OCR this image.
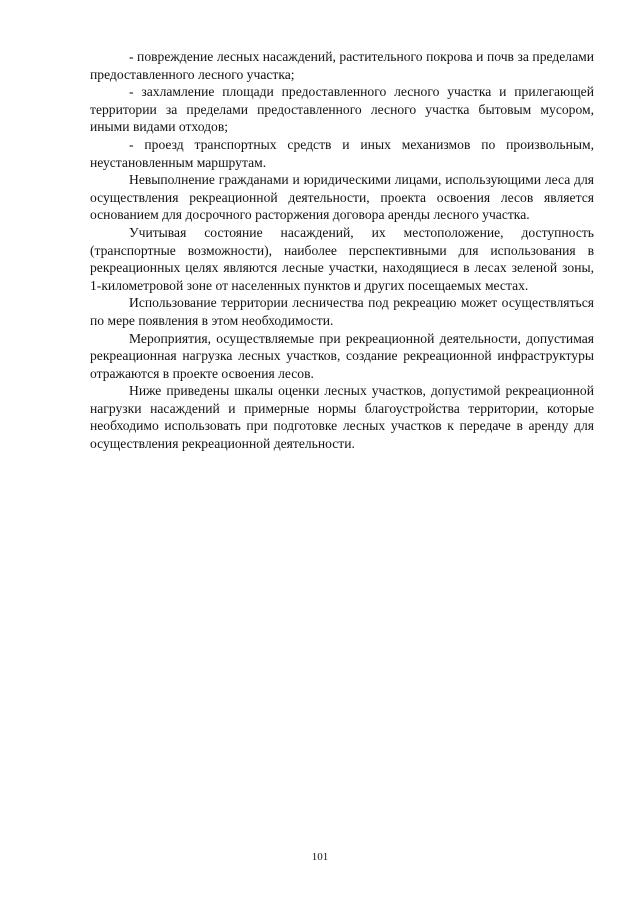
- повреждение лесных насаждений, растительного покрова и почв за пределами предоставленного лесного участка;

- захламление площади предоставленного лесного участка и прилегающей территории за пределами предоставленного лесного участка бытовым мусором, иными видами отходов;

- проезд транспортных средств и иных механизмов по произвольным, неустановленным маршрутам.

Невыполнение гражданами и юридическими лицами, использующими леса для осуществления рекреационной деятельности, проекта освоения лесов является основанием для досрочного расторжения договора аренды лесного участка.

Учитывая состояние насаждений, их местоположение, доступность (транспортные возможности), наиболее перспективными для использования в рекреационных целях являются лесные участки, находящиеся в лесах зеленой зоны, 1-километровой зоне от населенных пунктов и других посещаемых местах.

Использование территории лесничества под рекреацию может осуществляться по мере появления в этом необходимости.

Мероприятия, осуществляемые при рекреационной деятельности, допустимая рекреационная нагрузка лесных участков, создание рекреационной инфраструктуры отражаются в проекте освоения лесов.

Ниже приведены шкалы оценки лесных участков, допустимой рекреационной нагрузки насаждений и примерные нормы благоустройства территории, которые необходимо использовать при подготовке лесных участков к передаче в аренду для осуществления рекреационной деятельности.

101
